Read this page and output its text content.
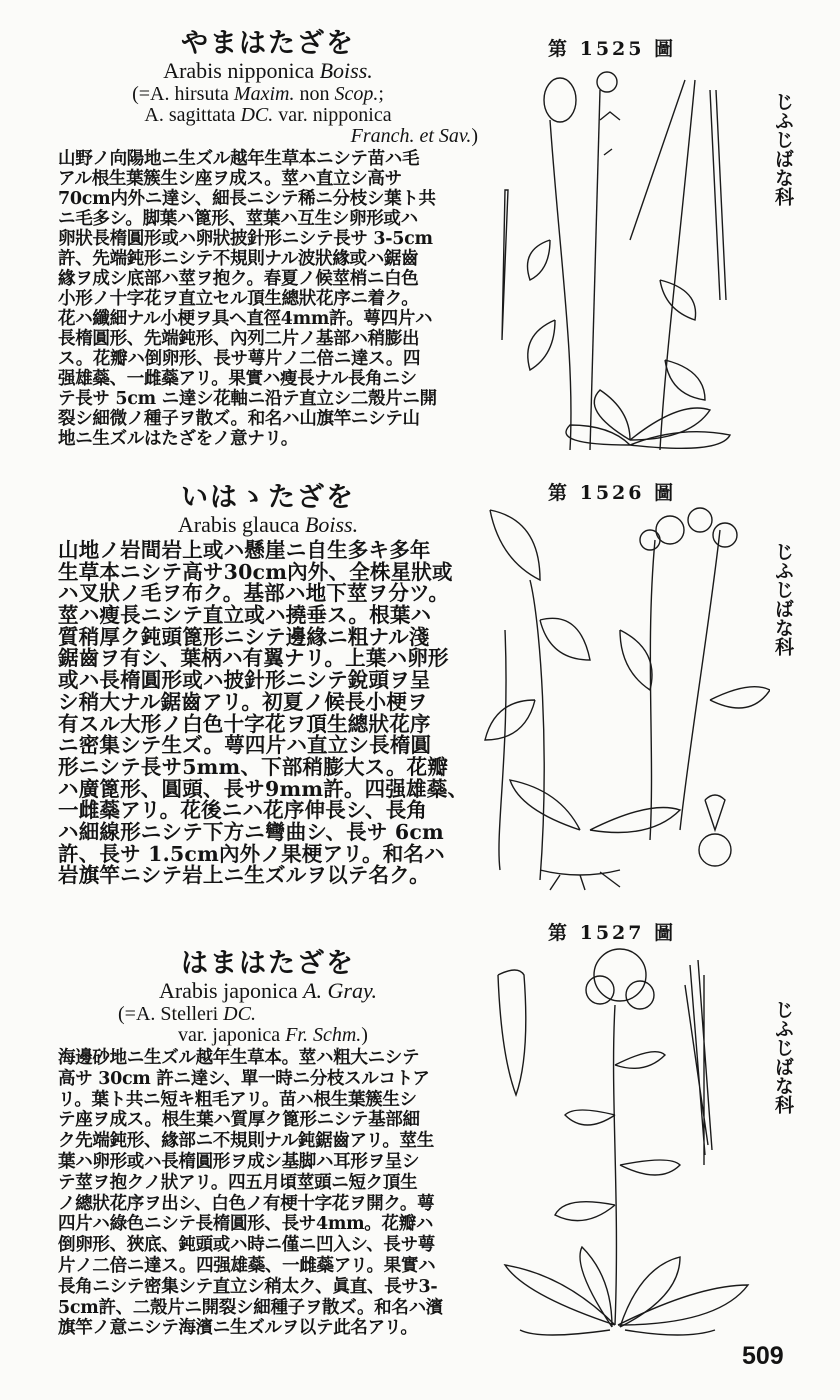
やまはたざを
Arabis nipponica Boiss.
(=A. hirsuta Maxim. non Scop.;
A. sagittata DC. var. nipponica
Franch. et Sav.)
山野ノ向陽地ニ生ズル越年生草本ニシテ苗ハ毛
アル根生葉簇生シ座ヲ成ス。莖ハ直立シ高サ
70cm内外ニ達シ、細長ニシテ稀ニ分枝シ葉ト共
ニ毛多シ。脚葉ハ篦形、莖葉ハ互生シ卵形或ハ
卵狀長楕圓形或ハ卵狀披針形ニシテ長サ 3-5cm
許、先端鈍形ニシテ不規則ナル波狀緣或ハ鋸齒
緣ヲ成シ底部ハ莖ヲ抱ク。春夏ノ候莖梢ニ白色
小形ノ十字花ヲ直立セル頂生總狀花序ニ着ク。
花ハ纖細ナル小梗ヲ具ヘ直徑4mm許。萼四片ハ
長楕圓形、先端鈍形、內列二片ノ基部ハ稍膨出
ス。花瓣ハ倒卵形、長サ萼片ノ二倍ニ達ス。四
强雄蘂、一雌蘂アリ。果實ハ瘦長ナル長角ニシ
テ長サ 5cm ニ達シ花軸ニ沿テ直立シ二殼片ニ開
裂シ細微ノ種子ヲ散ズ。和名ハ山旗竿ニシテ山
地ニ生ズルはたざをノ意ナリ。
いはゝたざを
Arabis glauca Boiss.
山地ノ岩間岩上或ハ懸崖ニ自生多キ多年
生草本ニシテ高サ30cm內外、全株星狀或
ハ叉狀ノ毛ヲ布ク。基部ハ地下莖ヲ分ツ。
莖ハ瘦長ニシテ直立或ハ撓垂ス。根葉ハ
質稍厚ク鈍頭篦形ニシテ邊緣ニ粗ナル淺
鋸齒ヲ有シ、葉柄ハ有翼ナリ。上葉ハ卵形
或ハ長楕圓形或ハ披針形ニシテ銳頭ヲ呈
シ稍大ナル鋸齒アリ。初夏ノ候長小梗ヲ
有スル大形ノ白色十字花ヲ頂生總狀花序
ニ密集シテ生ズ。萼四片ハ直立シ長楕圓
形ニシテ長サ5mm、下部稍膨大ス。花瓣
ハ廣篦形、圓頭、長サ9mm許。四强雄蘂、
一雌蘂アリ。花後ニハ花序伸長シ、長角
ハ細線形ニシテ下方ニ彎曲シ、長サ 6cm
許、長サ 1.5cm內外ノ果梗アリ。和名ハ
岩旗竿ニシテ岩上ニ生ズルヲ以テ名ク。
はまはたざを
Arabis japonica A. Gray.
(=A. Stelleri DC.
var. japonica Fr. Schm.)
海邊砂地ニ生ズル越年生草本。莖ハ粗大ニシテ
高サ 30cm 許ニ達シ、單一時ニ分枝スルコトア
リ。葉ト共ニ短キ粗毛アリ。苗ハ根生葉簇生シ
テ座ヲ成ス。根生葉ハ質厚ク篦形ニシテ基部細
ク先端鈍形、緣部ニ不規則ナル鈍鋸齒アリ。莖生
葉ハ卵形或ハ長楕圓形ヲ成シ基脚ハ耳形ヲ呈シ
テ莖ヲ抱クノ狀アリ。四五月頃莖頭ニ短ク頂生
ノ總狀花序ヲ出シ、白色ノ有梗十字花ヲ開ク。萼
四片ハ綠色ニシテ長楕圓形、長サ4mm。花瓣ハ
倒卵形、狹底、鈍頭或ハ時ニ僅ニ凹入シ、長サ萼
片ノ二倍ニ達ス。四强雄蘂、一雌蘂アリ。果實ハ
長角ニシテ密集シテ直立シ稍太ク、眞直、長サ3-
5cm許、二殼片ニ開裂シ細種子ヲ散ズ。和名ハ濱
旗竿ノ意ニシテ海濱ニ生ズルヲ以テ此名アリ。
第 1525 圖
第 1526 圖
第 1527 圖
じふじばな科
じふじばな科
じふじばな科
509
